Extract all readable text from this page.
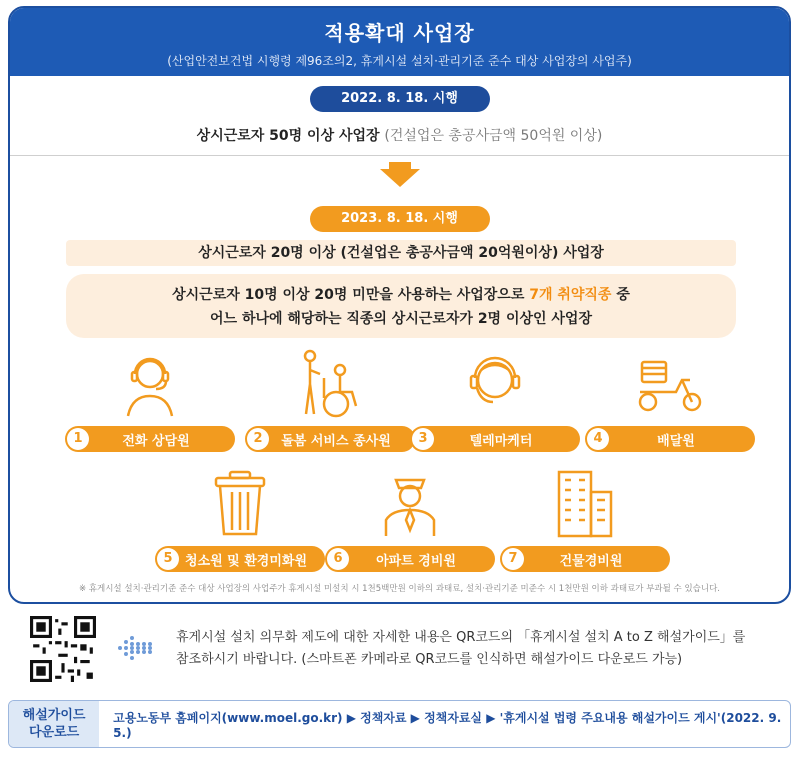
적용확대 사업장
(산업안전보건법 시행령 제96조의2, 휴게시설 설치·관리기준 준수 대상 사업장의 사업주)
2022. 8. 18. 시행
상시근로자 50명 이상 사업장 (건설업은 총공사금액 50억원 이상)
2023. 8. 18. 시행
상시근로자 20명 이상 (건설업은 총공사금액 20억원이상) 사업장
상시근로자 10명 이상 20명 미만을 사용하는 사업장으로 7개 취약직종 중
어느 하나에 해당하는 직종의 상시근로자가 2명 이상인 사업장
1	전화 상담원	2	돌봄 서비스 종사원	3	텔레마케터	4	배달원
5 청소원 및 환경미화원	6	아파트 경비원	7	건물경비원
※ 휴게시설 설치·관리기준 준수 대상 사업장의 사업주가 휴게시설 미설치 시 1천5백만원 이하의 과태료, 설치·관리기준 미준수 시 1천만원 이하 과태료가 부과될 수 있습니다.
휴게시설 설치 의무화 제도에 대한 자세한 내용은 QR코드의 「휴게시설 설치 A to Z 해설가이드」를
참조하시기 바랍니다. (스마트폰 카메라로 QR코드를 인식하면 해설가이드 다운로드 가능)
해설가이드
다운로드
고용노동부 홈페이지(www.moel.go.kr) ▶ 정책자료 ▶ 정책자료실 ▶ '휴게시설 법령 주요내용 해설가이드 게시'(2022. 9. 5.)
